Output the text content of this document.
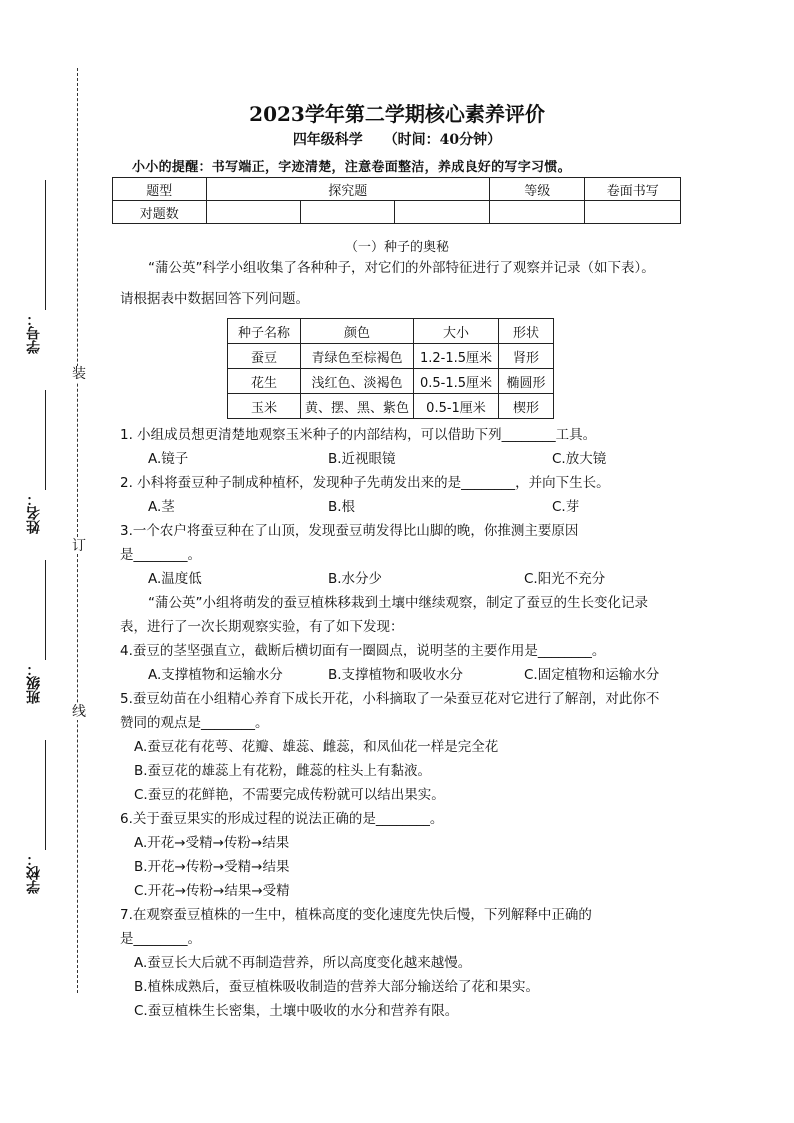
装
订
线
学号：
姓名：
班级：
学校：
2023学年第二学期核心素养评价
四年级科学 （时间：40分钟）
小小的提醒：书写端正，字迹清楚，注意卷面整洁，养成良好的写字习惯。
题型	探究题			等级	卷面书写
对题数					
（一）种子的奥秘
“蒲公英”科学小组收集了各种种子，对它们的外部特征进行了观察并记录（如下表）。
请根据表中数据回答下列问题。
种子名称	颜色	大小	形状
蚕豆	青绿色至棕褐色	1.2-1.5厘米	肾形
花生	浅红色、淡褐色	0.5-1.5厘米	椭圆形
玉米	黄、摆、黑、紫色	0.5-1厘米	楔形
1. 小组成员想更清楚地观察玉米种子的内部结构，可以借助下列________工具。
A.镜子	B.近视眼镜	C.放大镜
2. 小科将蚕豆种子制成种植杯，发现种子先萌发出来的是________，并向下生长。
A.茎	B.根	C.芽
3.一个农户将蚕豆种在了山顶，发现蚕豆萌发得比山脚的晚，你推测主要原因
是________。
A.温度低	B.水分少	C.阳光不充分
“蒲公英”小组将萌发的蚕豆植株移栽到土壤中继续观察，制定了蚕豆的生长变化记录
表，进行了一次长期观察实验，有了如下发现：
4.蚕豆的茎坚强直立，截断后横切面有一圈圆点，说明茎的主要作用是________。
A.支撑植物和运输水分	B.支撑植物和吸收水分	C.固定植物和运输水分
5.蚕豆幼苗在小组精心养育下成长开花，小科摘取了一朵蚕豆花对它进行了解剖，对此你不
赞同的观点是________。
A.蚕豆花有花萼、花瓣、雄蕊、雌蕊，和凤仙花一样是完全花
B.蚕豆花的雄蕊上有花粉，雌蕊的柱头上有黏液。
C.蚕豆的花鲜艳，不需要完成传粉就可以结出果实。
6.关于蚕豆果实的形成过程的说法正确的是________。
A.开花→受精→传粉→结果
B.开花→传粉→受精→结果
C.开花→传粉→结果→受精
7.在观察蚕豆植株的一生中，植株高度的变化速度先快后慢，下列解释中正确的
是________。
A.蚕豆长大后就不再制造营养，所以高度变化越来越慢。
B.植株成熟后，蚕豆植株吸收制造的营养大部分输送给了花和果实。
C.蚕豆植株生长密集，土壤中吸收的水分和营养有限。
